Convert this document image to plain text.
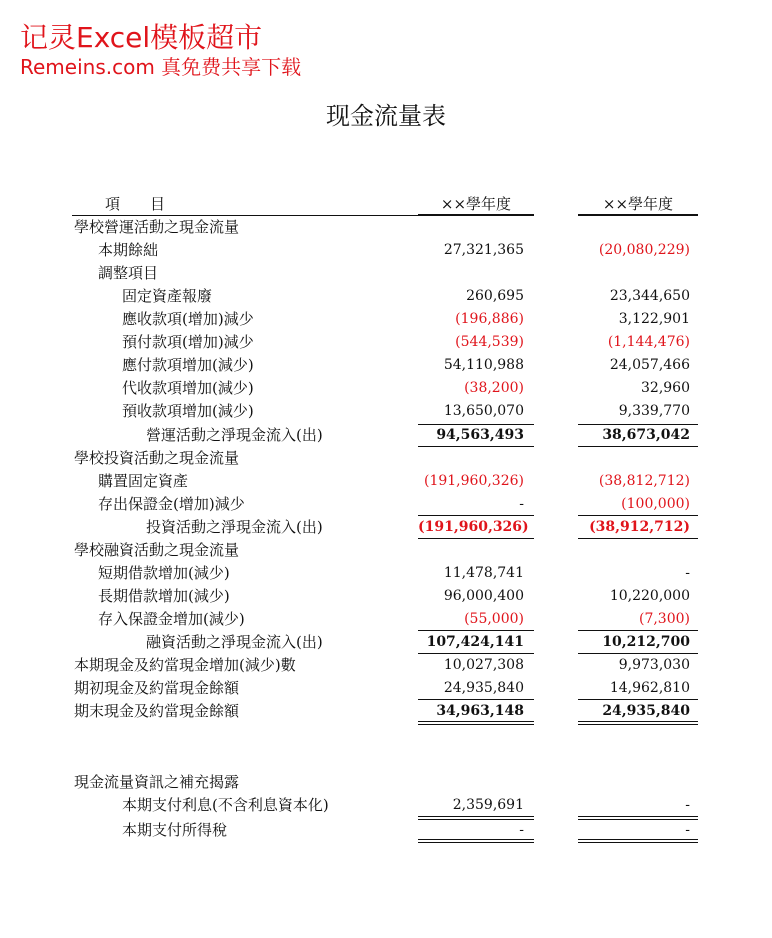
记灵Excel模板超市
Remeins.com 真免费共享下载
现金流量表
項　　目	××學年度	××學年度
學校營運活動之現金流量
本期餘絀	27,321,365	(20,080,229)
調整項目
固定資產報廢	260,695	23,344,650
應收款項(增加)減少	(196,886)	3,122,901
預付款項(增加)減少	(544,539)	(1,144,476)
應付款項增加(減少)	54,110,988	24,057,466
代收款項增加(減少)	(38,200)	32,960
預收款項增加(減少)	13,650,070	9,339,770
營運活動之淨現金流入(出)	94,563,493	38,673,042
學校投資活動之現金流量
購置固定資產	(191,960,326)	(38,812,712)
存出保證金(增加)減少	-	(100,000)
投資活動之淨現金流入(出)	(191,960,326)	(38,912,712)
學校融資活動之現金流量
短期借款增加(減少)	11,478,741	-
長期借款增加(減少)	96,000,400	10,220,000
存入保證金增加(減少)	(55,000)	(7,300)
融資活動之淨現金流入(出)	107,424,141	10,212,700
本期現金及約當現金增加(減少)數	10,027,308	9,973,030
期初現金及約當現金餘額	24,935,840	14,962,810
期末現金及約當現金餘額	34,963,148	24,935,840
現金流量資訊之補充揭露
本期支付利息(不含利息資本化)	2,359,691	-
本期支付所得稅	-	-
